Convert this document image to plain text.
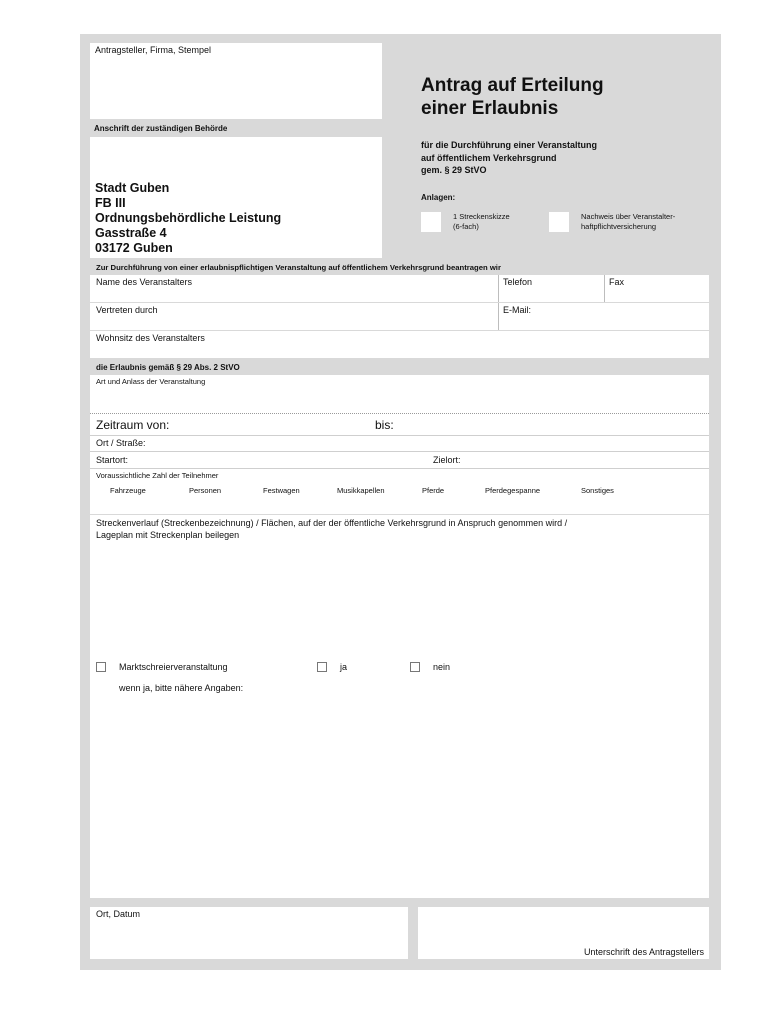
Antragsteller, Firma, Stempel
Anschrift der zuständigen Behörde
Stadt Guben
FB III
Ordnungsbehördliche Leistung
Gasstraße 4
03172 Guben
Antrag auf Erteilung
einer Erlaubnis
für die Durchführung einer Veranstaltung
auf öffentlichem Verkehrsgrund
gem. § 29 StVO
Anlagen:
1 Streckenskizze
(6-fach)
Nachweis über Veranstalter-
haftpflichtversicherung
Zur Durchführung von einer erlaubnispflichtigen Veranstaltung auf öffentlichem Verkehrsgrund beantragen wir
Name des Veranstalters	Telefon	Fax
Vertreten durch	E-Mail:
Wohnsitz des Veranstalters
die Erlaubnis gemäß § 29 Abs. 2 StVO
Art und Anlass der Veranstaltung
Zeitraum von:	bis:
Ort / Straße:
Startort:	Zielort:
Voraussichtliche Zahl der Teilnehmer
Fahrzeuge	Personen	Festwagen	Musikkapellen	Pferde	Pferdegespanne	Sonstiges
Streckenverlauf (Streckenbezeichnung) / Flächen, auf der der öffentliche Verkehrsgrund in Anspruch genommen wird /
Lageplan mit Streckenplan beilegen
Marktschreierveranstaltung	ja	nein
wenn ja, bitte nähere Angaben:
Ort, Datum
Unterschrift des Antragstellers
